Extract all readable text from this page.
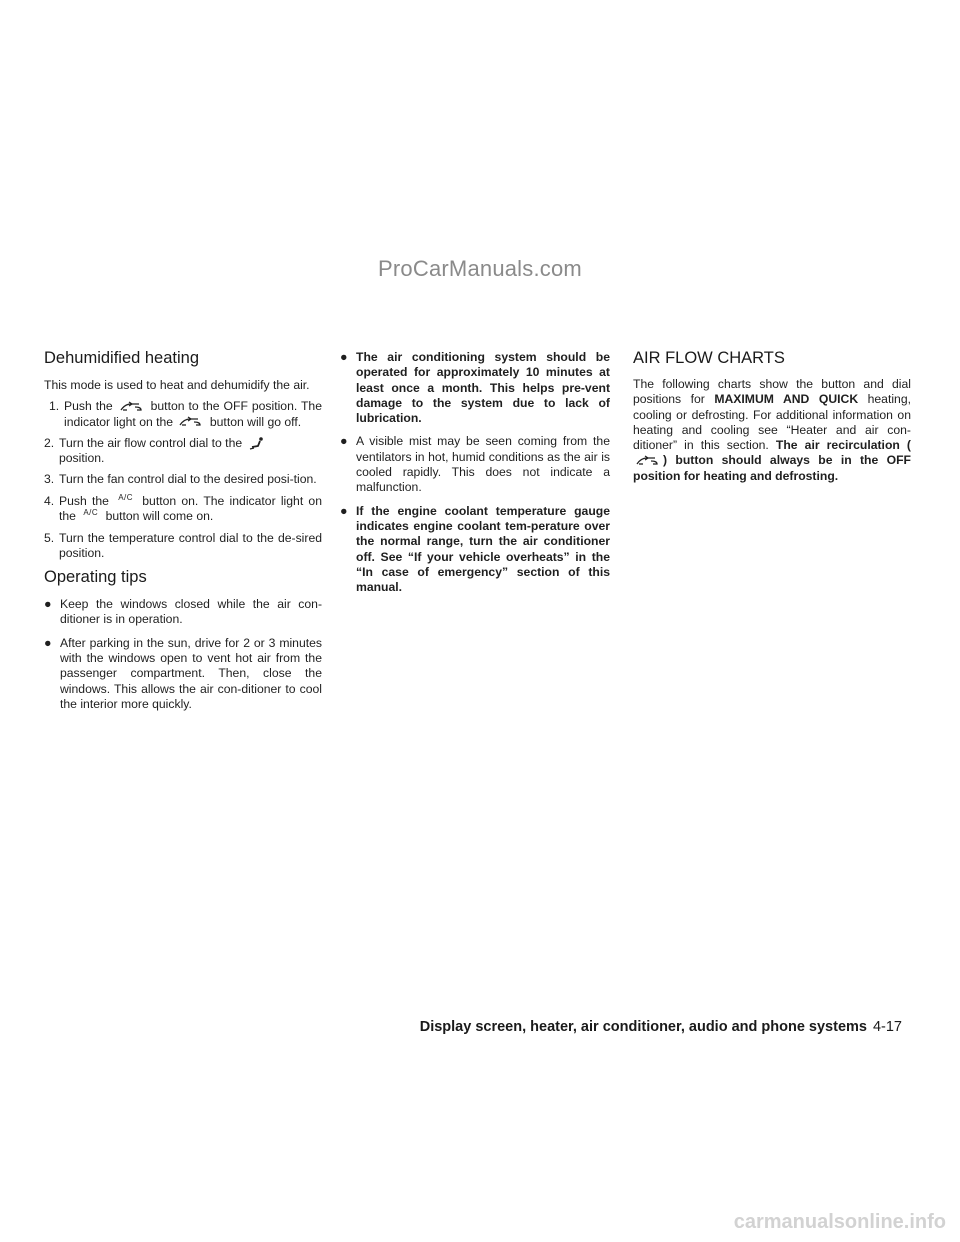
ProCarManuals.com
Dehumidified heating
This mode is used to heat and dehumidify the air.
1. Push the	button to the OFF position. The indicator light on the	button will go off.
2. Turn the air flow control dial to the
position.
3. Turn the fan control dial to the desired posi-tion.
4. Push the A/C button on. The indicator light on the A/C button will come on.
5. Turn the temperature control dial to the de-sired position.
Operating tips
● Keep the windows closed while the air con-ditioner is in operation.
● After parking in the sun, drive for 2 or 3 minutes with the windows open to vent hot air from the passenger compartment. Then, close the windows. This allows the air con-ditioner to cool the interior more quickly.
● The air conditioning system should be operated for approximately 10 minutes at least once a month. This helps pre-vent damage to the system due to lack of lubrication.
● A visible mist may be seen coming from the ventilators in hot, humid conditions as the air is cooled rapidly. This does not indicate a malfunction.
● If the engine coolant temperature gauge indicates engine coolant tem-perature over the normal range, turn the air conditioner off. See “If your vehicle overheats” in the “In case of emergency” section of this manual.
AIR FLOW CHARTS
The following charts show the button and dial positions for MAXIMUM AND QUICK heating, cooling or defrosting. For additional information on heating and cooling see “Heater and air con-ditioner” in this section. The air recirculation () button should always be in the OFF position for heating and defrosting.
Display screen, heater, air conditioner, audio and phone systems 4-17
carmanualsonline.info
